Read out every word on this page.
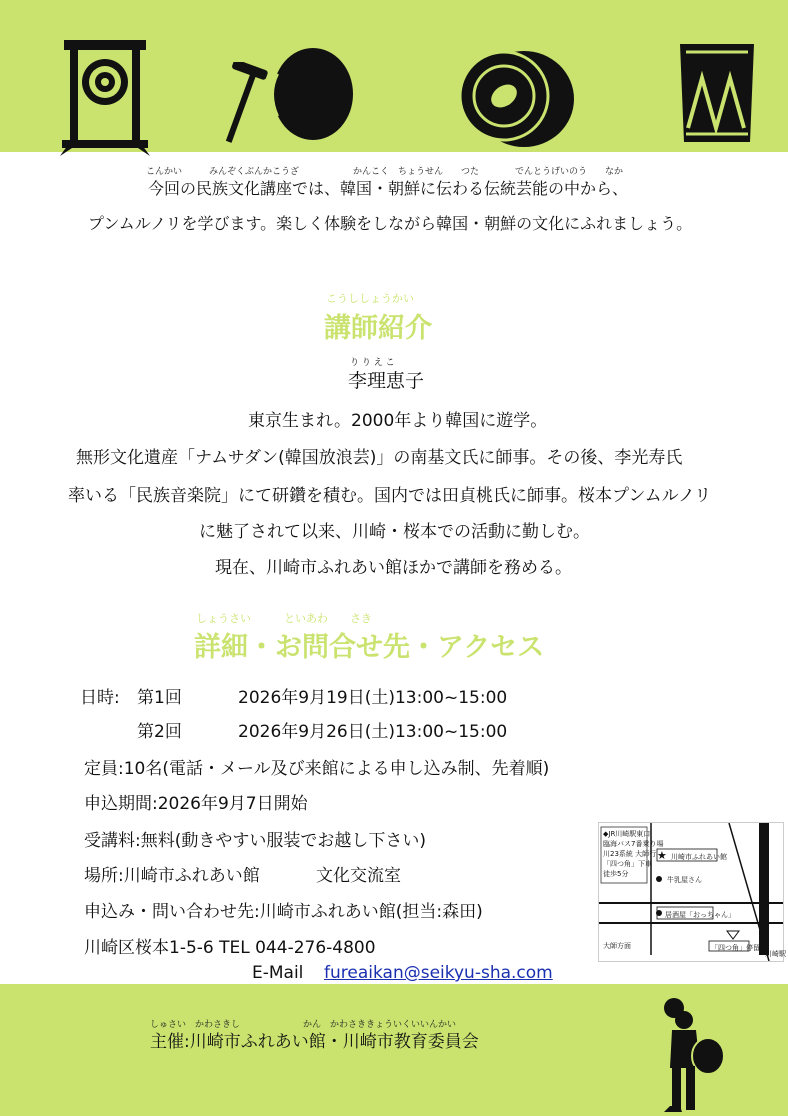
こんかい　　　みんぞくぶんかこうざ　　　　　　かんこく　ちょうせん　　つた　　　　でんとうげいのう　　なか
今回の民族文化講座では、韓国・朝鮮に伝わる伝統芸能の中から、
プンムルノリを学びます。楽しく体験をしながら韓国・朝鮮の文化にふれましょう。
こうししょうかい
講師紹介
り り え こ
李理恵子
東京生まれ。2000年より韓国に遊学。
無形文化遺産「ナムサダン(韓国放浪芸)」の南基文氏に師事。その後、李光寿氏
率いる「民族音楽院」にて研鑽を積む。国内では田貞桃氏に師事。桜本プンムルノリ
に魅了されて以来、川崎・桜本での活動に勤しむ。
現在、川崎市ふれあい館ほかで講師を務める。
しょうさい　　　といあわ　　さき
詳細・お問合せ先・アクセス
日時: 第1回	2026年9月19日(土)13:00~15:00
第2回	2026年9月26日(土)13:00~15:00
定員:10名(電話・メール及び来館による申し込み制、先着順)
申込期間:2026年9月7日開始
受講料:無料(動きやすい服装でお越し下さい)
場所:川崎市ふれあい館	文化交流室
申込み・問い合わせ先:川崎市ふれあい館(担当:森田)
川崎区桜本1-5-6 TEL 044-276-4800
E-Mail fureaikan@seikyu-sha.com
★
◆JR川崎駅東口
臨海バス7番乗り場
川23系統 大師行
「四つ角」下車
徒歩5分
川崎市ふれあい館
牛乳屋さん
居酒屋「おっちゃん」
「四つ角」停留
大師方面
川崎駅
しゅさい　かわさきし　　　　　　　かん　かわさききょういくいいんかい
主催:川崎市ふれあい館・川崎市教育委員会
